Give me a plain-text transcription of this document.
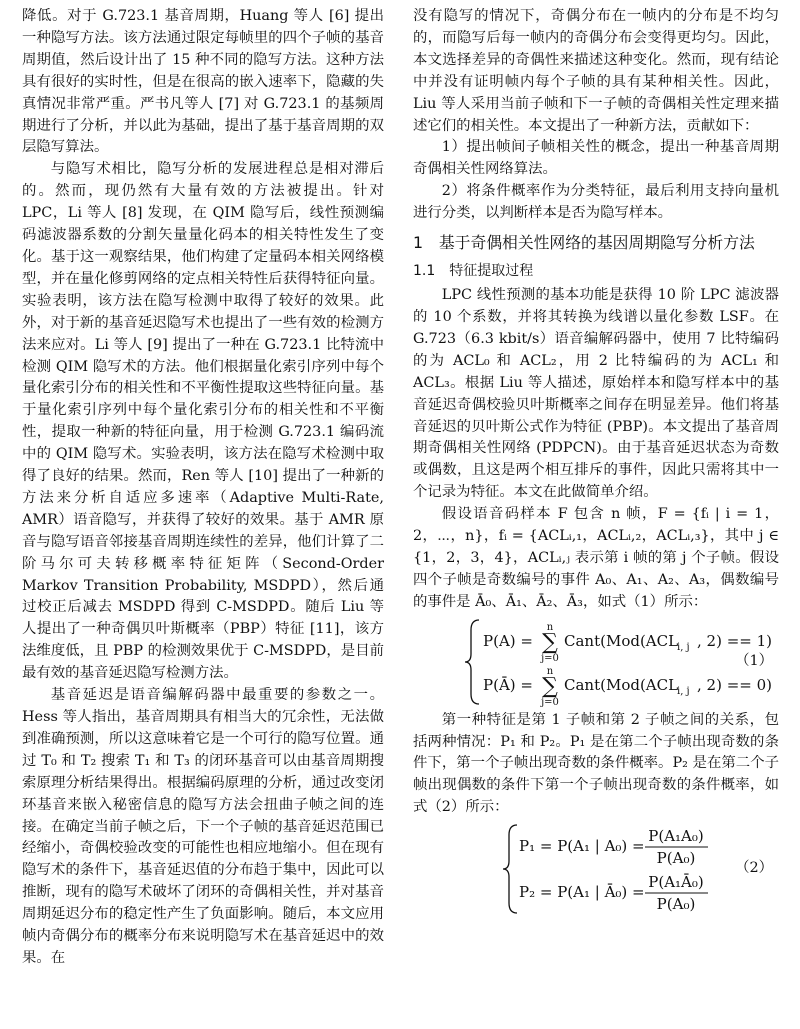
降低。对于 G.723.1 基音周期，Huang 等人 [6] 提出一种隐写方法。该方法通过限定每帧里的四个子帧的基音周期值，然后设计出了 15 种不同的隐写方法。这种方法具有很好的实时性，但是在很高的嵌入速率下，隐藏的失真情况非常严重。严书凡等人 [7] 对 G.723.1 的基频周期进行了分析，并以此为基础，提出了基于基音周期的双层隐写算法。

与隐写术相比，隐写分析的发展进程总是相对滞后的。然而，现仍然有大量有效的方法被提出。针对 LPC，Li 等人 [8] 发现，在 QIM 隐写后，线性预测编码滤波器系数的分割矢量量化码本的相关特性发生了变化。基于这一观察结果，他们构建了定量码本相关网络模型，并在量化修剪网络的定点相关特性后获得特征向量。实验表明，该方法在隐写检测中取得了较好的效果。此外，对于新的基音延迟隐写术也提出了一些有效的检测方法来应对。Li 等人 [9] 提出了一种在 G.723.1 比特流中检测 QIM 隐写术的方法。他们根据量化索引序列中每个量化索引分布的相关性和不平衡性提取这些特征向量。基于量化索引序列中每个量化索引分布的相关性和不平衡性，提取一种新的特征向量，用于检测 G.723.1 编码流中的 QIM 隐写术。实验表明，该方法在隐写术检测中取得了良好的结果。然而，Ren 等人 [10] 提出了一种新的方法来分析自适应多速率（Adaptive Multi-Rate, AMR）语音隐写，并获得了较好的效果。基于 AMR 原音与隐写语音邻接基音周期连续性的差异，他们计算了二阶马尔可夫转移概率特征矩阵（Second-Order Markov Transition Probability, MSDPD），然后通过校正后减去 MSDPD 得到 C-MSDPD。随后 Liu 等人提出了一种奇偶贝叶斯概率（PBP）特征 [11]，该方法维度低，且 PBP 的检测效果优于 C-MSDPD，是目前最有效的基音延迟隐写检测方法。

基音延迟是语音编解码器中最重要的参数之一。Hess 等人指出，基音周期具有相当大的冗余性，无法做到准确预测，所以这意味着它是一个可行的隐写位置。通过 T₀ 和 T₂ 搜索 T₁ 和 T₃ 的闭环基音可以由基音周期搜索原理分析结果得出。根据编码原理的分析，通过改变闭环基音来嵌入秘密信息的隐写方法会扭曲子帧之间的连接。在确定当前子帧之后，下一个子帧的基音延迟范围已经缩小，奇偶校验改变的可能性也相应地缩小。但在现有隐写术的条件下，基音延迟值的分布趋于集中，因此可以推断，现有的隐写术破坏了闭环的奇偶相关性，并对基音周期延迟分布的稳定性产生了负面影响。随后，本文应用帧内奇偶分布的概率分布来说明隐写术在基音延迟中的效果。在

没有隐写的情况下，奇偶分布在一帧内的分布是不均匀的，而隐写后每一帧内的奇偶分布会变得更均匀。因此，本文选择差异的奇偶性来描述这种变化。然而，现有结论中并没有证明帧内每个子帧的具有某种相关性。因此，Liu 等人采用当前子帧和下一子帧的奇偶相关性定理来描述它们的相关性。本文提出了一种新方法，贡献如下：

1）提出帧间子帧相关性的概念，提出一种基音周期奇偶相关性网络算法。

2）将条件概率作为分类特征，最后利用支持向量机进行分类，以判断样本是否为隐写样本。

1　基于奇偶相关性网络的基因周期隐写分析方法
1.1　特征提取过程

LPC 线性预测的基本功能是获得 10 阶 LPC 滤波器的 10 个系数，并将其转换为线谱以量化参数 LSF。在 G.723（6.3 kbit/s）语音编解码器中，使用 7 比特编码的为 ACL₀ 和 ACL₂，用 2 比特编码的为 ACL₁ 和 ACL₃。根据 Liu 等人描述，原始样本和隐写样本中的基音延迟奇偶校验贝叶斯概率之间存在明显差异。他们将基音延迟的贝叶斯公式作为特征 (PBP)。本文提出了基音周期奇偶相关性网络 (PDPCN)。由于基音延迟状态为奇数或偶数，且这是两个相互排斥的事件，因此只需将其中一个记录为特征。本文在此做简单介绍。

假设语音码样本 F 包含 n 帧，F = {fᵢ | i = 1，2，⋯，n}，fᵢ = {ACLᵢ,₁，ACLᵢ,₂，ACLᵢ,₃}，其中 j ∈ {1，2，3，4}，ACLᵢ,ⱼ 表示第 i 帧的第 j 个子帧。假设四个子帧是奇数编号的事件 A₀、A₁、A₂、A₃，偶数编号的事件是 Ā₀、Ā₁、Ā₂、Ā₃，如式（1）所示：

P(A) =
n
∑
j=0
Cant(Mod(ACL
i, j , 2) == 1)
P(Ā) =
n
∑
j=0
Cant(Mod(ACL
i, j , 2) == 0)
（1）

第一种特征是第 1 子帧和第 2 子帧之间的关系，包括两种情况：P₁ 和 P₂。P₁ 是在第二个子帧出现奇数的条件下，第一个子帧出现奇数的条件概率。P₂ 是在第二个子帧出现偶数的条件下第一个子帧出现奇数的条件概率，如式（2）所示：

P₁ = P(A₁ | A₀) =
P(A₁A₀)
P(A₀)
P₂ = P(A₁ | Ā₀) =
P(A₁Ā₀)
P(A₀)
（2）
